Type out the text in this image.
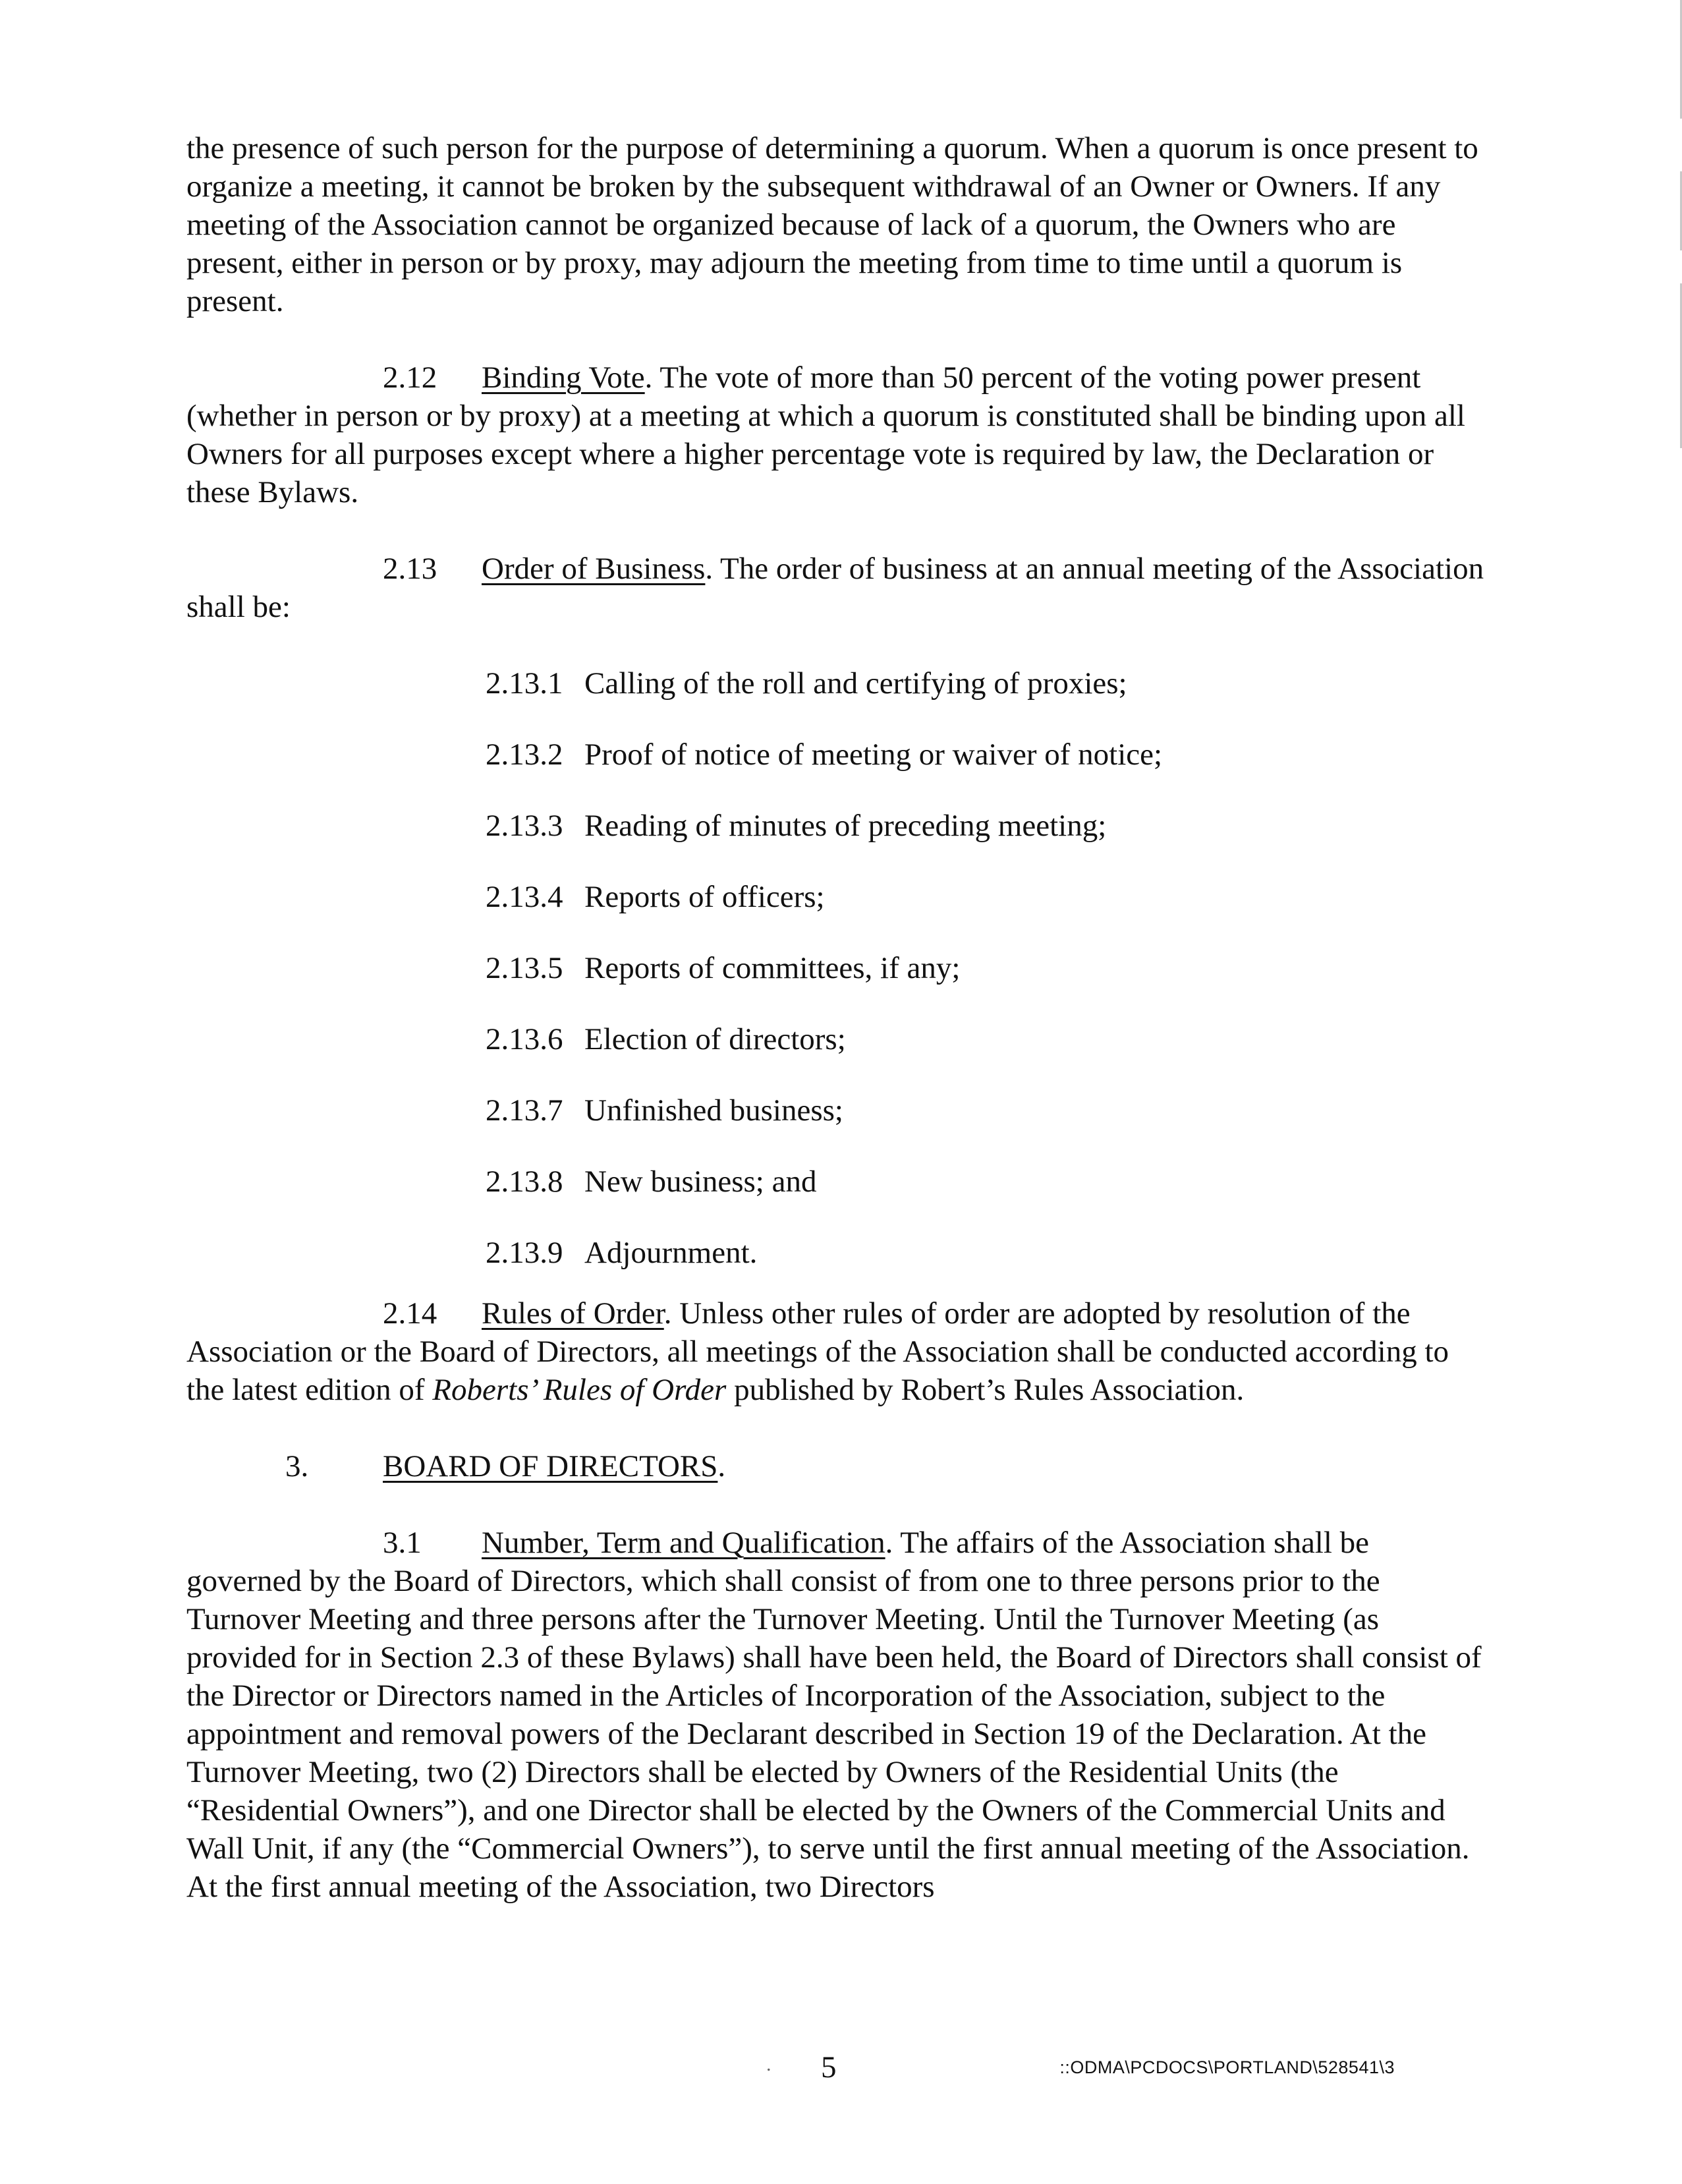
the presence of such person for the purpose of determining a quorum. When a quorum is once present to organize a meeting, it cannot be broken by the subsequent withdrawal of an Owner or Owners. If any meeting of the Association cannot be organized because of lack of a quorum, the Owners who are present, either in person or by proxy, may adjourn the meeting from time to time until a quorum is present.

2.12 Binding Vote. The vote of more than 50 percent of the voting power present (whether in person or by proxy) at a meeting at which a quorum is constituted shall be binding upon all Owners for all purposes except where a higher percentage vote is required by law, the Declaration or these Bylaws.

2.13 Order of Business. The order of business at an annual meeting of the Association shall be:

2.13.1 Calling of the roll and certifying of proxies;
2.13.2 Proof of notice of meeting or waiver of notice;
2.13.3 Reading of minutes of preceding meeting;
2.13.4 Reports of officers;
2.13.5 Reports of committees, if any;
2.13.6 Election of directors;
2.13.7 Unfinished business;
2.13.8 New business; and
2.13.9 Adjournment.

2.14 Rules of Order. Unless other rules of order are adopted by resolution of the Association or the Board of Directors, all meetings of the Association shall be conducted according to the latest edition of Roberts’ Rules of Order published by Robert’s Rules Association.

3. BOARD OF DIRECTORS.

3.1 Number, Term and Qualification. The affairs of the Association shall be governed by the Board of Directors, which shall consist of from one to three persons prior to the Turnover Meeting and three persons after the Turnover Meeting. Until the Turnover Meeting (as provided for in Section 2.3 of these Bylaws) shall have been held, the Board of Directors shall consist of the Director or Directors named in the Articles of Incorporation of the Association, subject to the appointment and removal powers of the Declarant described in Section 19 of the Declaration. At the Turnover Meeting, two (2) Directors shall be elected by Owners of the Residential Units (the “Residential Owners”), and one Director shall be elected by the Owners of the Commercial Units and Wall Unit, if any (the “Commercial Owners”), to serve until the first annual meeting of the Association. At the first annual meeting of the Association, two Directors

. 5	::ODMA\PCDOCS\PORTLAND\528541\3
